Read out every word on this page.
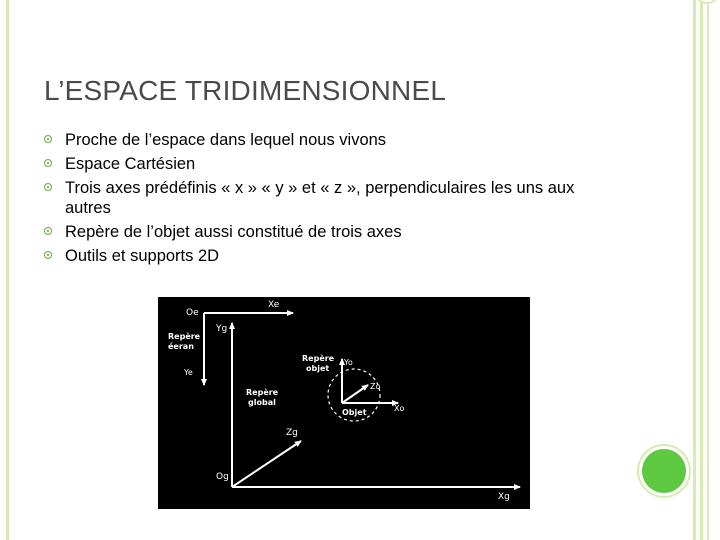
L’ESPACE TRIDIMENSIONNEL
Proche de l’espace dans lequel nous vivons
Espace Cartésien
Trois axes prédéfinis « x » « y » et « z », perpendiculaires les uns aux autres
Repère de l’objet aussi constitué de trois axes
Outils et supports 2D
Xe
Oe
Yg
Repère
éeran
Ye
Repère
global
Repère
objet
Yo
Zo
Xo
Objet
Zg
Og
Xg
